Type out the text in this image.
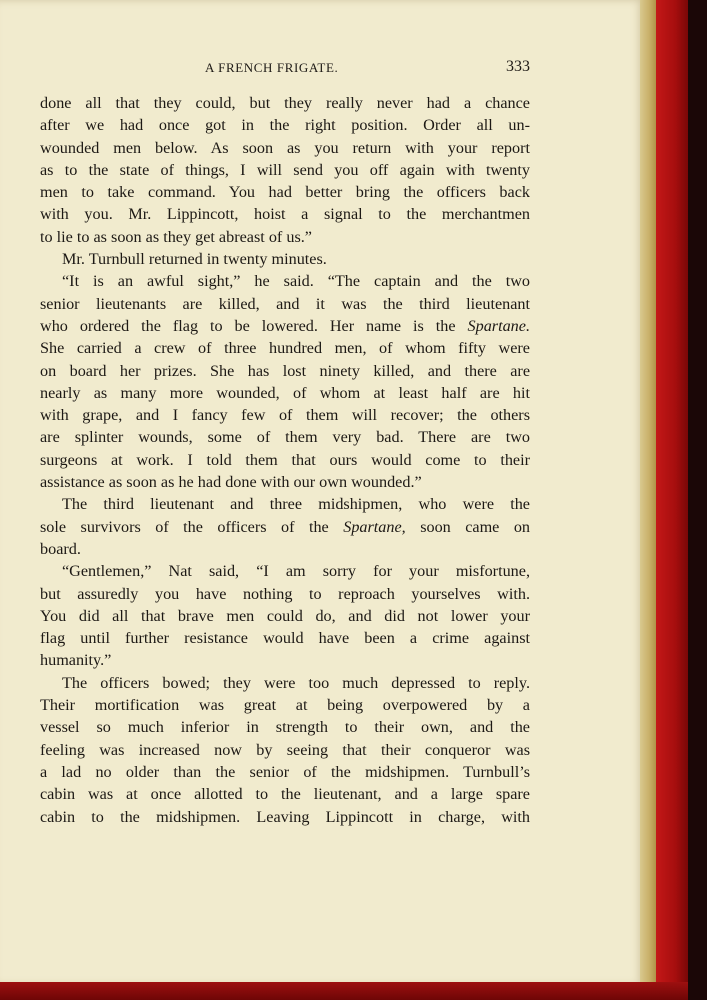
A FRENCH FRIGATE.	333

done all that they could, but they really never had a chance

after we had once got in the right position. Order all un-

wounded men below. As soon as you return with your report

as to the state of things, I will send you off again with twenty

men to take command. You had better bring the officers back

with you. Mr. Lippincott, hoist a signal to the merchantmen

to lie to as soon as they get abreast of us.”

Mr. Turnbull returned in twenty minutes.

“It is an awful sight,” he said. “The captain and the two

senior lieutenants are killed, and it was the third lieutenant

who ordered the flag to be lowered. Her name is the Spartane.

She carried a crew of three hundred men, of whom fifty were

on board her prizes. She has lost ninety killed, and there are

nearly as many more wounded, of whom at least half are hit

with grape, and I fancy few of them will recover; the others

are splinter wounds, some of them very bad. There are two

surgeons at work. I told them that ours would come to their

assistance as soon as he had done with our own wounded.”

The third lieutenant and three midshipmen, who were the

sole survivors of the officers of the Spartane, soon came on

board.

“Gentlemen,” Nat said, “I am sorry for your misfortune,

but assuredly you have nothing to reproach yourselves with.

You did all that brave men could do, and did not lower your

flag until further resistance would have been a crime against

humanity.”

The officers bowed; they were too much depressed to reply.

Their mortification was great at being overpowered by a

vessel so much inferior in strength to their own, and the

feeling was increased now by seeing that their conqueror was

a lad no older than the senior of the midshipmen. Turnbull’s

cabin was at once allotted to the lieutenant, and a large spare

cabin to the midshipmen. Leaving Lippincott in charge, with
